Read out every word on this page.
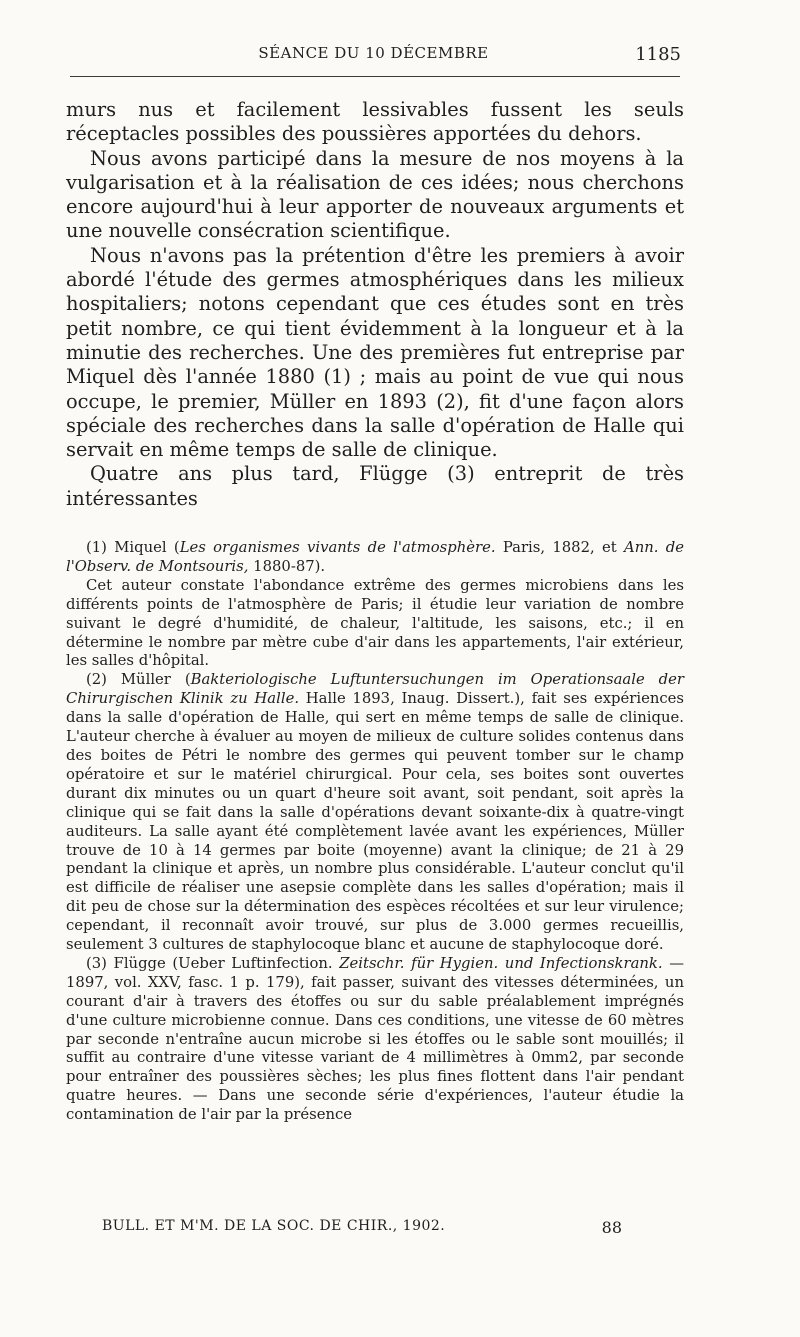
SÉANCE DU 10 DÉCEMBRE	1185

murs nus et facilement lessivables fussent les seuls réceptacles possibles des poussières apportées du dehors.

Nous avons participé dans la mesure de nos moyens à la vulgarisation et à la réalisation de ces idées; nous cherchons encore aujourd'hui à leur apporter de nouveaux arguments et une nouvelle consécration scientifique.

Nous n'avons pas la prétention d'être les premiers à avoir abordé l'étude des germes atmosphériques dans les milieux hospitaliers; notons cependant que ces études sont en très petit nombre, ce qui tient évidemment à la longueur et à la minutie des recherches. Une des premières fut entreprise par Miquel dès l'année 1880 (1) ; mais au point de vue qui nous occupe, le premier, Müller en 1893 (2), fit d'une façon alors spéciale des recherches dans la salle d'opération de Halle qui servait en même temps de salle de clinique.

Quatre ans plus tard, Flügge (3) entreprit de très intéressantes

(1) Miquel (Les organismes vivants de l'atmosphère. Paris, 1882, et Ann. de l'Observ. de Montsouris, 1880-87).

Cet auteur constate l'abondance extrême des germes microbiens dans les différents points de l'atmosphère de Paris; il étudie leur variation de nombre suivant le degré d'humidité, de chaleur, l'altitude, les saisons, etc.; il en détermine le nombre par mètre cube d'air dans les appartements, l'air extérieur, les salles d'hôpital.

(2) Müller (Bakteriologische Luftuntersuchungen im Operationsaale der Chirurgischen Klinik zu Halle. Halle 1893, Inaug. Dissert.), fait ses expériences dans la salle d'opération de Halle, qui sert en même temps de salle de clinique. L'auteur cherche à évaluer au moyen de milieux de culture solides contenus dans des boites de Pétri le nombre des germes qui peuvent tomber sur le champ opératoire et sur le matériel chirurgical. Pour cela, ses boites sont ouvertes durant dix minutes ou un quart d'heure soit avant, soit pendant, soit après la clinique qui se fait dans la salle d'opérations devant soixante-dix à quatre-vingt auditeurs. La salle ayant été complètement lavée avant les expériences, Müller trouve de 10 à 14 germes par boite (moyenne) avant la clinique; de 21 à 29 pendant la clinique et après, un nombre plus considérable. L'auteur conclut qu'il est difficile de réaliser une asepsie complète dans les salles d'opération; mais il dit peu de chose sur la détermination des espèces récoltées et sur leur virulence; cependant, il reconnaît avoir trouvé, sur plus de 3.000 germes recueillis, seulement 3 cultures de staphylocoque blanc et aucune de staphylocoque doré.

(3) Flügge (Ueber Luftinfection. Zeitschr. für Hygien. und Infectionskrank. — 1897, vol. XXV, fasc. 1 p. 179), fait passer, suivant des vitesses déterminées, un courant d'air à travers des étoffes ou sur du sable préalablement imprégnés d'une culture microbienne connue. Dans ces conditions, une vitesse de 60 mètres par seconde n'entraîne aucun microbe si les étoffes ou le sable sont mouillés; il suffit au contraire d'une vitesse variant de 4 millimètres à 0mm2, par seconde pour entraîner des poussières sèches; les plus fines flottent dans l'air pendant quatre heures. — Dans une seconde série d'expériences, l'auteur étudie la contamination de l'air par la présence

BULL. ET M'M. DE LA SOC. DE CHIR., 1902.	88
